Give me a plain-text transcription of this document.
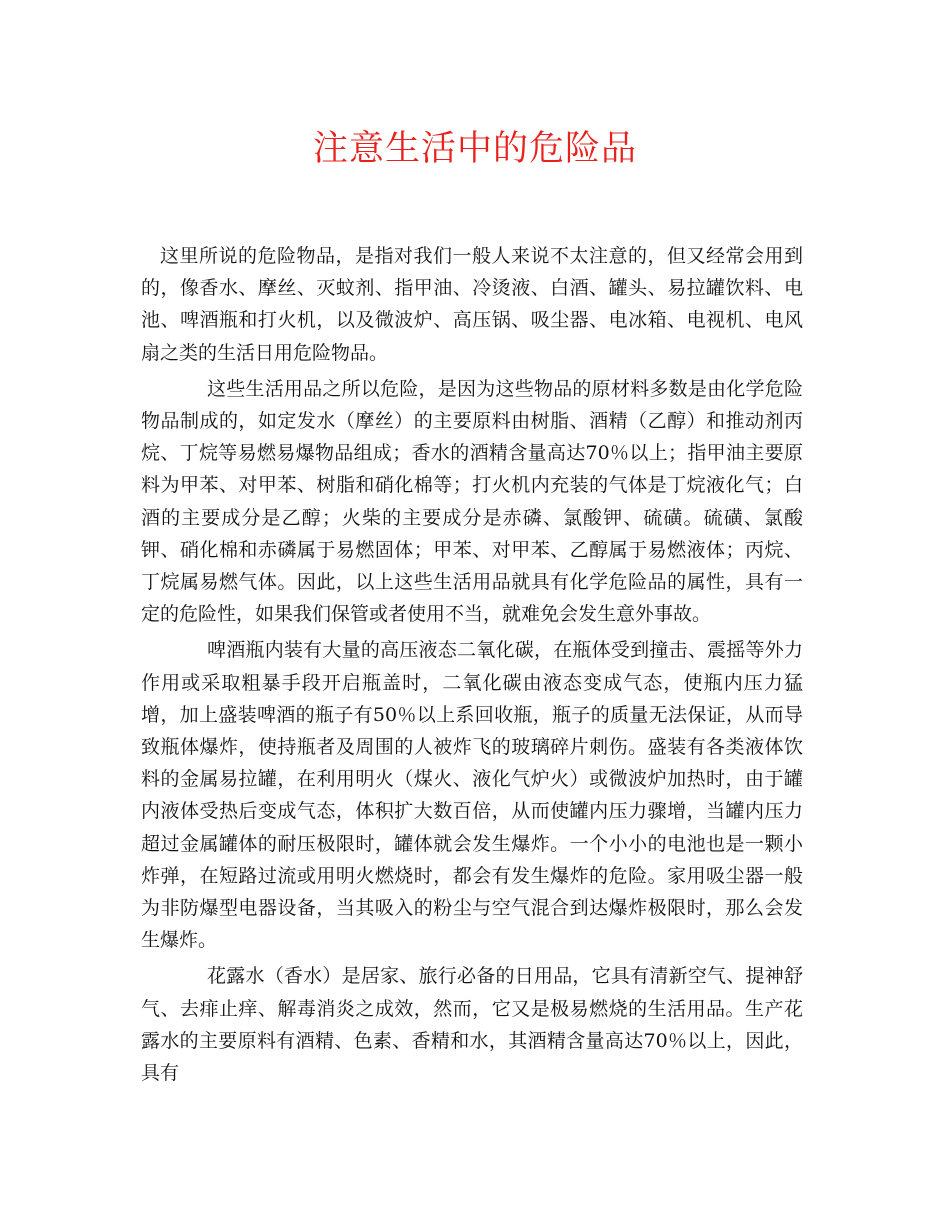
注意生活中的危险品

这里所说的危险物品，是指对我们一般人来说不太注意的，但又经常会用到的，像香水、摩丝、灭蚊剂、指甲油、冷烫液、白酒、罐头、易拉罐饮料、电池、啤酒瓶和打火机，以及微波炉、高压锅、吸尘器、电冰箱、电视机、电风扇之类的生活日用危险物品。

这些生活用品之所以危险，是因为这些物品的原材料多数是由化学危险物品制成的，如定发水（摩丝）的主要原料由树脂、酒精（乙醇）和推动剂丙烷、丁烷等易燃易爆物品组成；香水的酒精含量高达70％以上；指甲油主要原料为甲苯、对甲苯、树脂和硝化棉等；打火机内充装的气体是丁烷液化气；白酒的主要成分是乙醇；火柴的主要成分是赤磷、氯酸钾、硫磺。硫磺、氯酸钾、硝化棉和赤磷属于易燃固体；甲苯、对甲苯、乙醇属于易燃液体；丙烷、丁烷属易燃气体。因此，以上这些生活用品就具有化学危险品的属性，具有一定的危险性，如果我们保管或者使用不当，就难免会发生意外事故。

啤酒瓶内装有大量的高压液态二氧化碳，在瓶体受到撞击、震摇等外力作用或采取粗暴手段开启瓶盖时，二氧化碳由液态变成气态，使瓶内压力猛增，加上盛装啤酒的瓶子有50％以上系回收瓶，瓶子的质量无法保证，从而导致瓶体爆炸，使持瓶者及周围的人被炸飞的玻璃碎片刺伤。盛装有各类液体饮料的金属易拉罐，在利用明火（煤火、液化气炉火）或微波炉加热时，由于罐内液体受热后变成气态，体积扩大数百倍，从而使罐内压力骤增，当罐内压力超过金属罐体的耐压极限时，罐体就会发生爆炸。一个小小的电池也是一颗小炸弹，在短路过流或用明火燃烧时，都会有发生爆炸的危险。家用吸尘器一般为非防爆型电器设备，当其吸入的粉尘与空气混合到达爆炸极限时，那么会发生爆炸。

花露水（香水）是居家、旅行必备的日用品，它具有清新空气、提神舒气、去痱止痒、解毒消炎之成效，然而，它又是极易燃烧的生活用品。生产花露水的主要原料有酒精、色素、香精和水，其酒精含量高达70％以上，因此，具有
